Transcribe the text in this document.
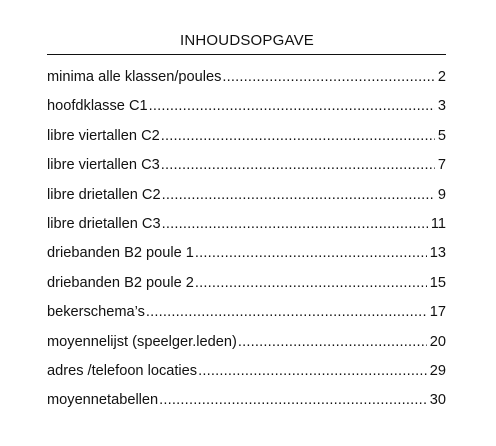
INHOUDSOPGAVE
minima alle klassen/poules .....	2
hoofdklasse C1 .....	3
libre viertallen C2 .....	5
libre viertallen C3 .....	7
libre drietallen C2 .....	9
libre drietallen C3 .....	11
driebanden B2 poule 1 .....	13
driebanden B2 poule 2 .....	15
bekerschema’s .....	17
moyennelijst (speelger.leden) .....	20
adres /telefoon locaties .....	29
moyennetabellen .....	30
